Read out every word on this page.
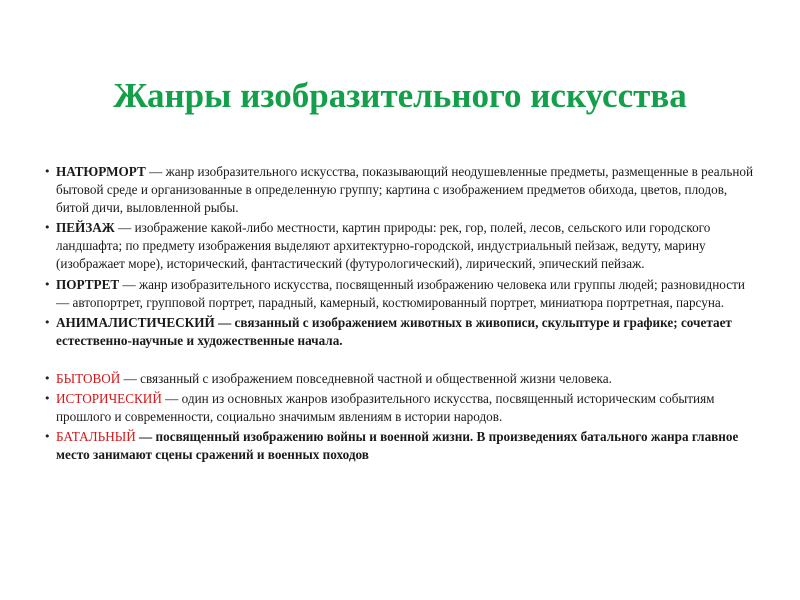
Жанры изобразительного искусства
• НАТЮРМОРТ — жанр изобразительного искусства, показывающий неодушевленные предметы, размещенные в реальной бытовой среде и организованные в определенную группу; картина с изображением предметов обихода, цветов, плодов, битой дичи, выловленной рыбы.
• ПЕЙЗАЖ — изображение какой-либо местности, картин природы: рек, гор, полей, лесов, сельского или городского ландшафта; по предмету изображения выделяют архитектурно-городской, индустриальный пейзаж, ведуту, марину (изображает море), исторический, фантастический (футурологический), лирический, эпический пейзаж.
• ПОРТРЕТ — жанр изобразительного искусства, посвященный изображению человека или группы людей; разновидности — автопортрет, групповой портрет, парадный, камерный, костюмированный портрет, миниатюра портретная, парсуна.
• АНИМАЛИСТИЧЕСКИЙ — связанный с изображением животных в живописи, скульптуре и графике; сочетает естественно-научные и художественные начала.
• БЫТОВОЙ — связанный с изображением повседневной частной и общественной жизни человека.
• ИСТОРИЧЕСКИЙ — один из основных жанров изобразительного искусства, посвященный историческим событиям прошлого и современности, социально значимым явлениям в истории народов.
• БАТАЛЬНЫЙ — посвященный изображению войны и военной жизни. В произведениях батального жанра главное место занимают сцены сражений и военных походов
